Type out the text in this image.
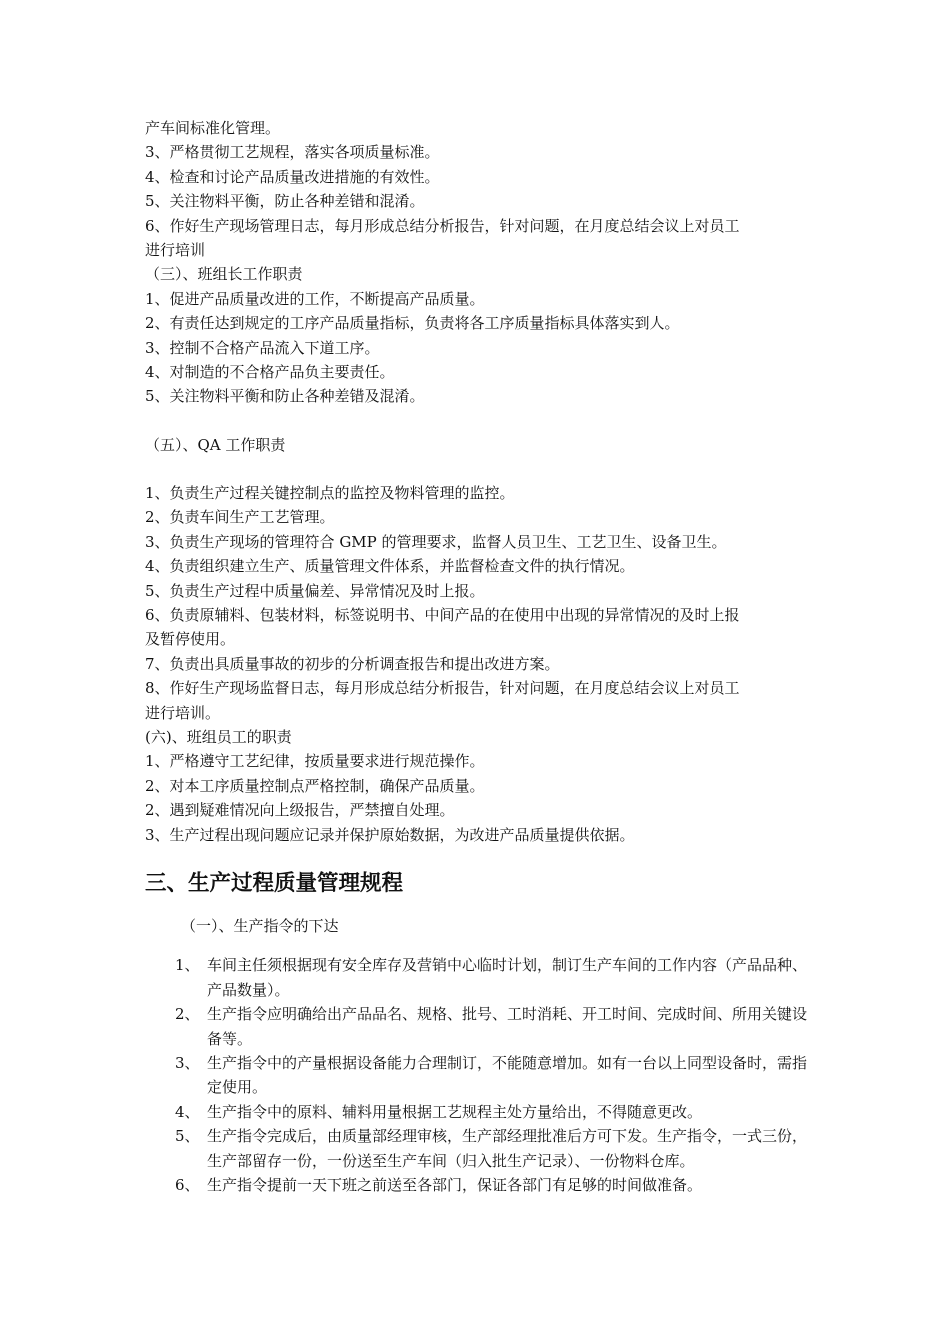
产车间标准化管理。

3、严格贯彻工艺规程，落实各项质量标准。

4、检查和讨论产品质量改进措施的有效性。

5、关注物料平衡，防止各种差错和混淆。

6、作好生产现场管理日志，每月形成总结分析报告，针对问题，在月度总结会议上对员工

进行培训

（三）、班组长工作职责

1、促进产品质量改进的工作，不断提高产品质量。

2、有责任达到规定的工序产品质量指标，负责将各工序质量指标具体落实到人。

3、控制不合格产品流入下道工序。

4、对制造的不合格产品负主要责任。

5、关注物料平衡和防止各种差错及混淆。

（五）、QA 工作职责

1、负责生产过程关键控制点的监控及物料管理的监控。

2、负责车间生产工艺管理。

3、负责生产现场的管理符合 GMP 的管理要求，监督人员卫生、工艺卫生、设备卫生。

4、负责组织建立生产、质量管理文件体系，并监督检查文件的执行情况。

5、负责生产过程中质量偏差、异常情况及时上报。

6、负责原辅料、包装材料，标签说明书、中间产品的在使用中出现的异常情况的及时上报

及暂停使用。

7、负责出具质量事故的初步的分析调查报告和提出改进方案。

8、作好生产现场监督日志，每月形成总结分析报告，针对问题，在月度总结会议上对员工

进行培训。

(六)、班组员工的职责

1、严格遵守工艺纪律，按质量要求进行规范操作。

2、对本工序质量控制点严格控制，确保产品质量。

2、遇到疑难情况向上级报告，严禁擅自处理。

3、生产过程出现问题应记录并保护原始数据，为改进产品质量提供依据。

三、生产过程质量管理规程

（一）、生产指令的下达

1、 车间主任须根据现有安全库存及营销中心临时计划，制订生产车间的工作内容（产品品种、产品数量）。
2、 生产指令应明确给出产品品名、规格、批号、工时消耗、开工时间、完成时间、所用关键设备等。
3、 生产指令中的产量根据设备能力合理制订，不能随意增加。如有一台以上同型设备时，需指定使用。
4、 生产指令中的原料、辅料用量根据工艺规程主处方量给出，不得随意更改。
5、 生产指令完成后，由质量部经理审核，生产部经理批准后方可下发。生产指令，一式三份，生产部留存一份，一份送至生产车间（归入批生产记录）、一份物料仓库。
6、 生产指令提前一天下班之前送至各部门，保证各部门有足够的时间做准备。
